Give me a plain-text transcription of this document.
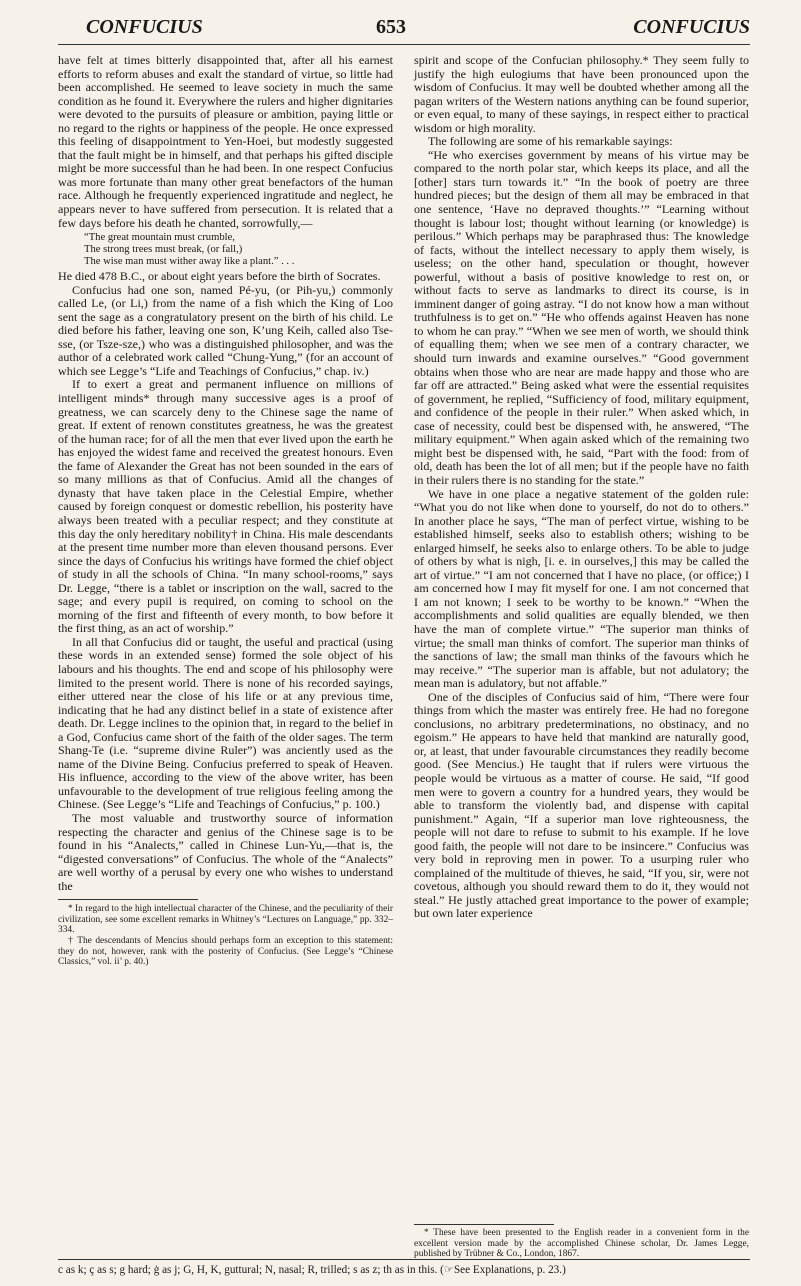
CONFUCIUS	653	CONFUCIUS

have felt at times bitterly disappointed that, after all his earnest efforts to reform abuses and exalt the standard of virtue, so little had been accomplished. He seemed to leave society in much the same condition as he found it. Everywhere the rulers and higher dignitaries were devoted to the pursuits of pleasure or ambition, paying little or no regard to the rights or happiness of the people. He once expressed this feeling of disappointment to Yen-Hoei, but modestly suggested that the fault might be in himself, and that perhaps his gifted disciple might be more successful than he had been. In one respect Confucius was more fortunate than many other great benefactors of the human race. Although he frequently experienced ingratitude and neglect, he appears never to have suffered from persecution. It is related that a few days before his death he chanted, sorrowfully,—

“The great mountain must crumble,
The strong trees must break, (or fall,)
The wise man must wither away like a plant.” . . .

He died 478 B.C., or about eight years before the birth of Socrates.

Confucius had one son, named Pé-yu, (or Pih-yu,) commonly called Le, (or Li,) from the name of a fish which the King of Loo sent the sage as a congratulatory present on the birth of his child. Le died before his father, leaving one son, K’ung Keih, called also Tse-sse, (or Tsze-sze,) who was a distinguished philosopher, and was the author of a celebrated work called “Chung-Yung,” (for an account of which see Legge’s “Life and Teachings of Confucius,” chap. iv.)

If to exert a great and permanent influence on millions of intelligent minds* through many successive ages is a proof of greatness, we can scarcely deny to the Chinese sage the name of great. If extent of renown constitutes greatness, he was the greatest of the human race; for of all the men that ever lived upon the earth he has enjoyed the widest fame and received the greatest honours. Even the fame of Alexander the Great has not been sounded in the ears of so many millions as that of Confucius. Amid all the changes of dynasty that have taken place in the Celestial Empire, whether caused by foreign conquest or domestic rebellion, his posterity have always been treated with a peculiar respect; and they constitute at this day the only hereditary nobility† in China. His male descendants at the present time number more than eleven thousand persons. Ever since the days of Confucius his writings have formed the chief object of study in all the schools of China. “In many school-rooms,” says Dr. Legge, “there is a tablet or inscription on the wall, sacred to the sage; and every pupil is required, on coming to school on the morning of the first and fifteenth of every month, to bow before it the first thing, as an act of worship.”

In all that Confucius did or taught, the useful and practical (using these words in an extended sense) formed the sole object of his labours and his thoughts. The end and scope of his philosophy were limited to the present world. There is none of his recorded sayings, either uttered near the close of his life or at any previous time, indicating that he had any distinct belief in a state of existence after death. Dr. Legge inclines to the opinion that, in regard to the belief in a God, Confucius came short of the faith of the older sages. The term Shang-Te (i.e. “supreme divine Ruler”) was anciently used as the name of the Divine Being. Confucius preferred to speak of Heaven. His influence, according to the view of the above writer, has been unfavourable to the development of true religious feeling among the Chinese. (See Legge’s “Life and Teachings of Confucius,” p. 100.)

The most valuable and trustworthy source of information respecting the character and genius of the Chinese sage is to be found in his “Analects,” called in Chinese Lun-Yu,—that is, the “digested conversations” of Confucius. The whole of the “Analects” are well worthy of a perusal by every one who wishes to understand the

* In regard to the high intellectual character of the Chinese, and the peculiarity of their civilization, see some excellent remarks in Whitney’s “Lectures on Language,” pp. 332–334.

† The descendants of Mencius should perhaps form an exception to this statement: they do not, however, rank with the posterity of Confucius. (See Legge’s “Chinese Classics,” vol. ii’ p. 40.)

spirit and scope of the Confucian philosophy.* They seem fully to justify the high eulogiums that have been pronounced upon the wisdom of Confucius. It may well be doubted whether among all the pagan writers of the Western nations anything can be found superior, or even equal, to many of these sayings, in respect either to practical wisdom or high morality.

The following are some of his remarkable sayings:

“He who exercises government by means of his virtue may be compared to the north polar star, which keeps its place, and all the [other] stars turn towards it.” “In the book of poetry are three hundred pieces; but the design of them all may be embraced in that one sentence, ‘Have no depraved thoughts.’” “Learning without thought is labour lost; thought without learning (or knowledge) is perilous.” Which perhaps may be paraphrased thus: The knowledge of facts, without the intellect necessary to apply them wisely, is useless; on the other hand, speculation or thought, however powerful, without a basis of positive knowledge to rest on, or without facts to serve as landmarks to direct its course, is in imminent danger of going astray. “I do not know how a man without truthfulness is to get on.” “He who offends against Heaven has none to whom he can pray.” “When we see men of worth, we should think of equalling them; when we see men of a contrary character, we should turn inwards and examine ourselves.” “Good government obtains when those who are near are made happy and those who are far off are attracted.” Being asked what were the essential requisites of government, he replied, “Sufficiency of food, military equipment, and confidence of the people in their ruler.” When asked which, in case of necessity, could best be dispensed with, he answered, “The military equipment.” When again asked which of the remaining two might best be dispensed with, he said, “Part with the food: from of old, death has been the lot of all men; but if the people have no faith in their rulers there is no standing for the state.”

We have in one place a negative statement of the golden rule: “What you do not like when done to yourself, do not do to others.” In another place he says, “The man of perfect virtue, wishing to be established himself, seeks also to establish others; wishing to be enlarged himself, he seeks also to enlarge others. To be able to judge of others by what is nigh, [i. e. in ourselves,] this may be called the art of virtue.” “I am not concerned that I have no place, (or office;) I am concerned how I may fit myself for one. I am not concerned that I am not known; I seek to be worthy to be known.” “When the accomplishments and solid qualities are equally blended, we then have the man of complete virtue.” “The superior man thinks of virtue; the small man thinks of comfort. The superior man thinks of the sanctions of law; the small man thinks of the favours which he may receive.” “The superior man is affable, but not adulatory; the mean man is adulatory, but not affable.”

One of the disciples of Confucius said of him, “There were four things from which the master was entirely free. He had no foregone conclusions, no arbitrary predeterminations, no obstinacy, and no egoism.” He appears to have held that mankind are naturally good, or, at least, that under favourable circumstances they readily become good. (See Mencius.) He taught that if rulers were virtuous the people would be virtuous as a matter of course. He said, “If good men were to govern a country for a hundred years, they would be able to transform the violently bad, and dispense with capital punishment.” Again, “If a superior man love righteousness, the people will not dare to refuse to submit to his example. If he love good faith, the people will not dare to be insincere.” Confucius was very bold in reproving men in power. To a usurping ruler who complained of the multitude of thieves, he said, “If you, sir, were not covetous, although you should reward them to do it, they would not steal.” He justly attached great importance to the power of example; but own later experience

* These have been presented to the English reader in a convenient form in the excellent version made by the accomplished Chinese scholar, Dr. James Legge, published by Trübner & Co., London, 1867.

c as k; ç as s; g hard; ġ as j; G, H, K, guttural; N, nasal; R, trilled; s as z; th as in this. (☞See Explanations, p. 23.)
